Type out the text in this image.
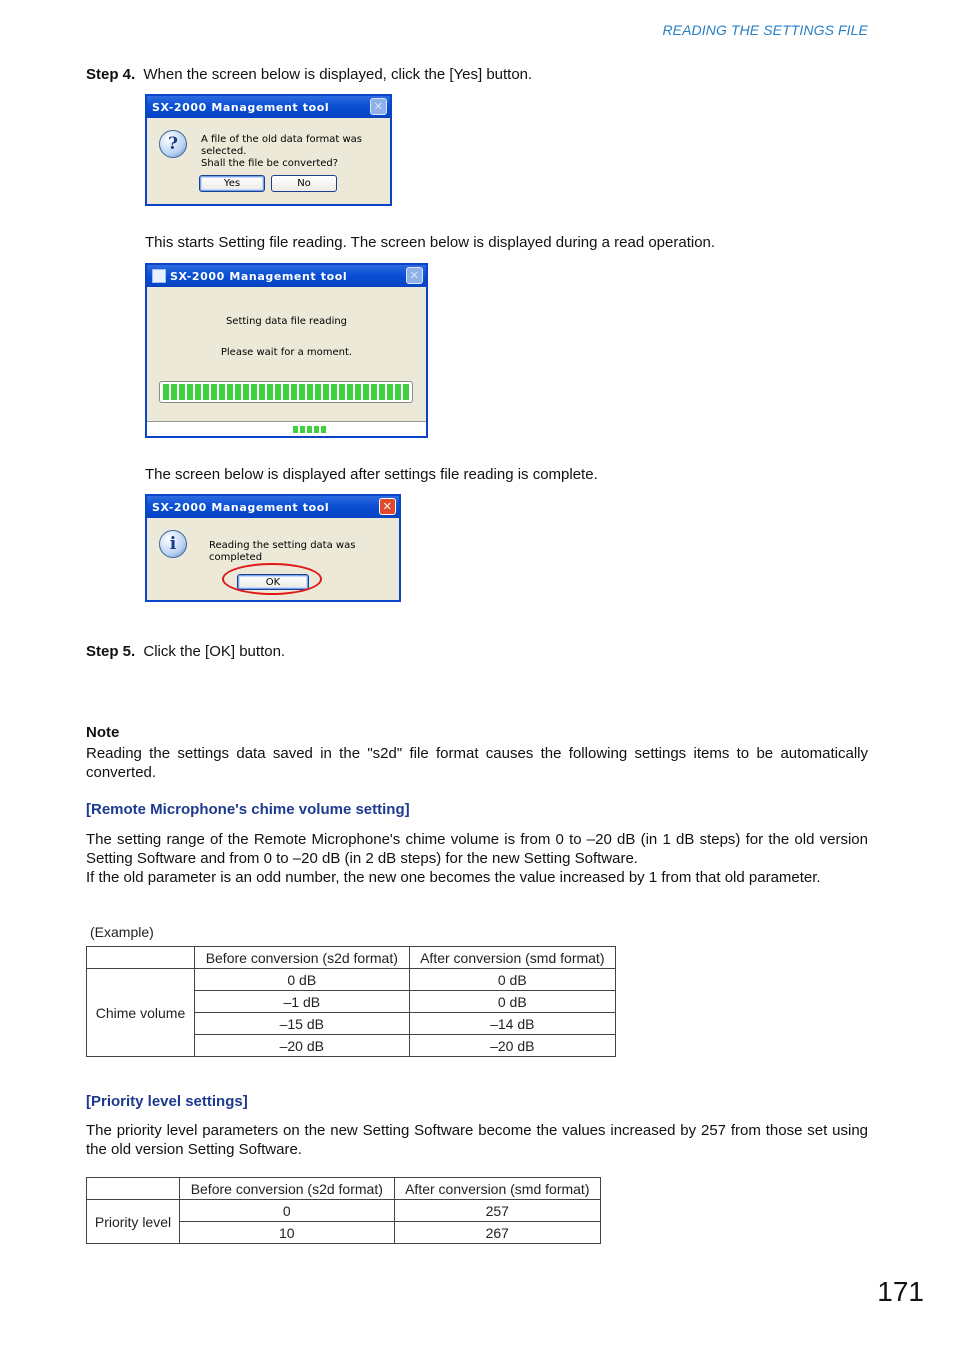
READING THE SETTINGS FILE
Step 4. When the screen below is displayed, click the [Yes] button.
SX-2000 Management tool	✕
?	A file of the old data format was selected.
Shall the file be converted?
Yes	No
This starts Setting file reading. The screen below is displayed during a read operation.
SX-2000 Management tool	✕
Setting data file reading
Please wait for a moment.
The screen below is displayed after settings file reading is complete.
SX-2000 Management tool	✕
i	Reading the setting data was completed
OK
Step 5. Click the [OK] button.
Note
Reading the settings data saved in the "s2d" file format causes the following settings items to be automatically converted.
[Remote Microphone's chime volume setting]
The setting range of the Remote Microphone's chime volume is from 0 to –20 dB (in 1 dB steps) for the old version Setting Software and from 0 to –20 dB (in 2 dB steps) for the new Setting Software.
If the old parameter is an odd number, the new one becomes the value increased by 1 from that old parameter.
(Example)
	Before conversion (s2d format)	After conversion (smd format)
Chime volume	0 dB	0 dB
	–1 dB	0 dB
	–15 dB	–14 dB
	–20 dB	–20 dB
[Priority level settings]
The priority level parameters on the new Setting Software become the values increased by 257 from those set using the old version Setting Software.
	Before conversion (s2d format)	After conversion (smd format)
Priority level	0	257
	10	267
171
